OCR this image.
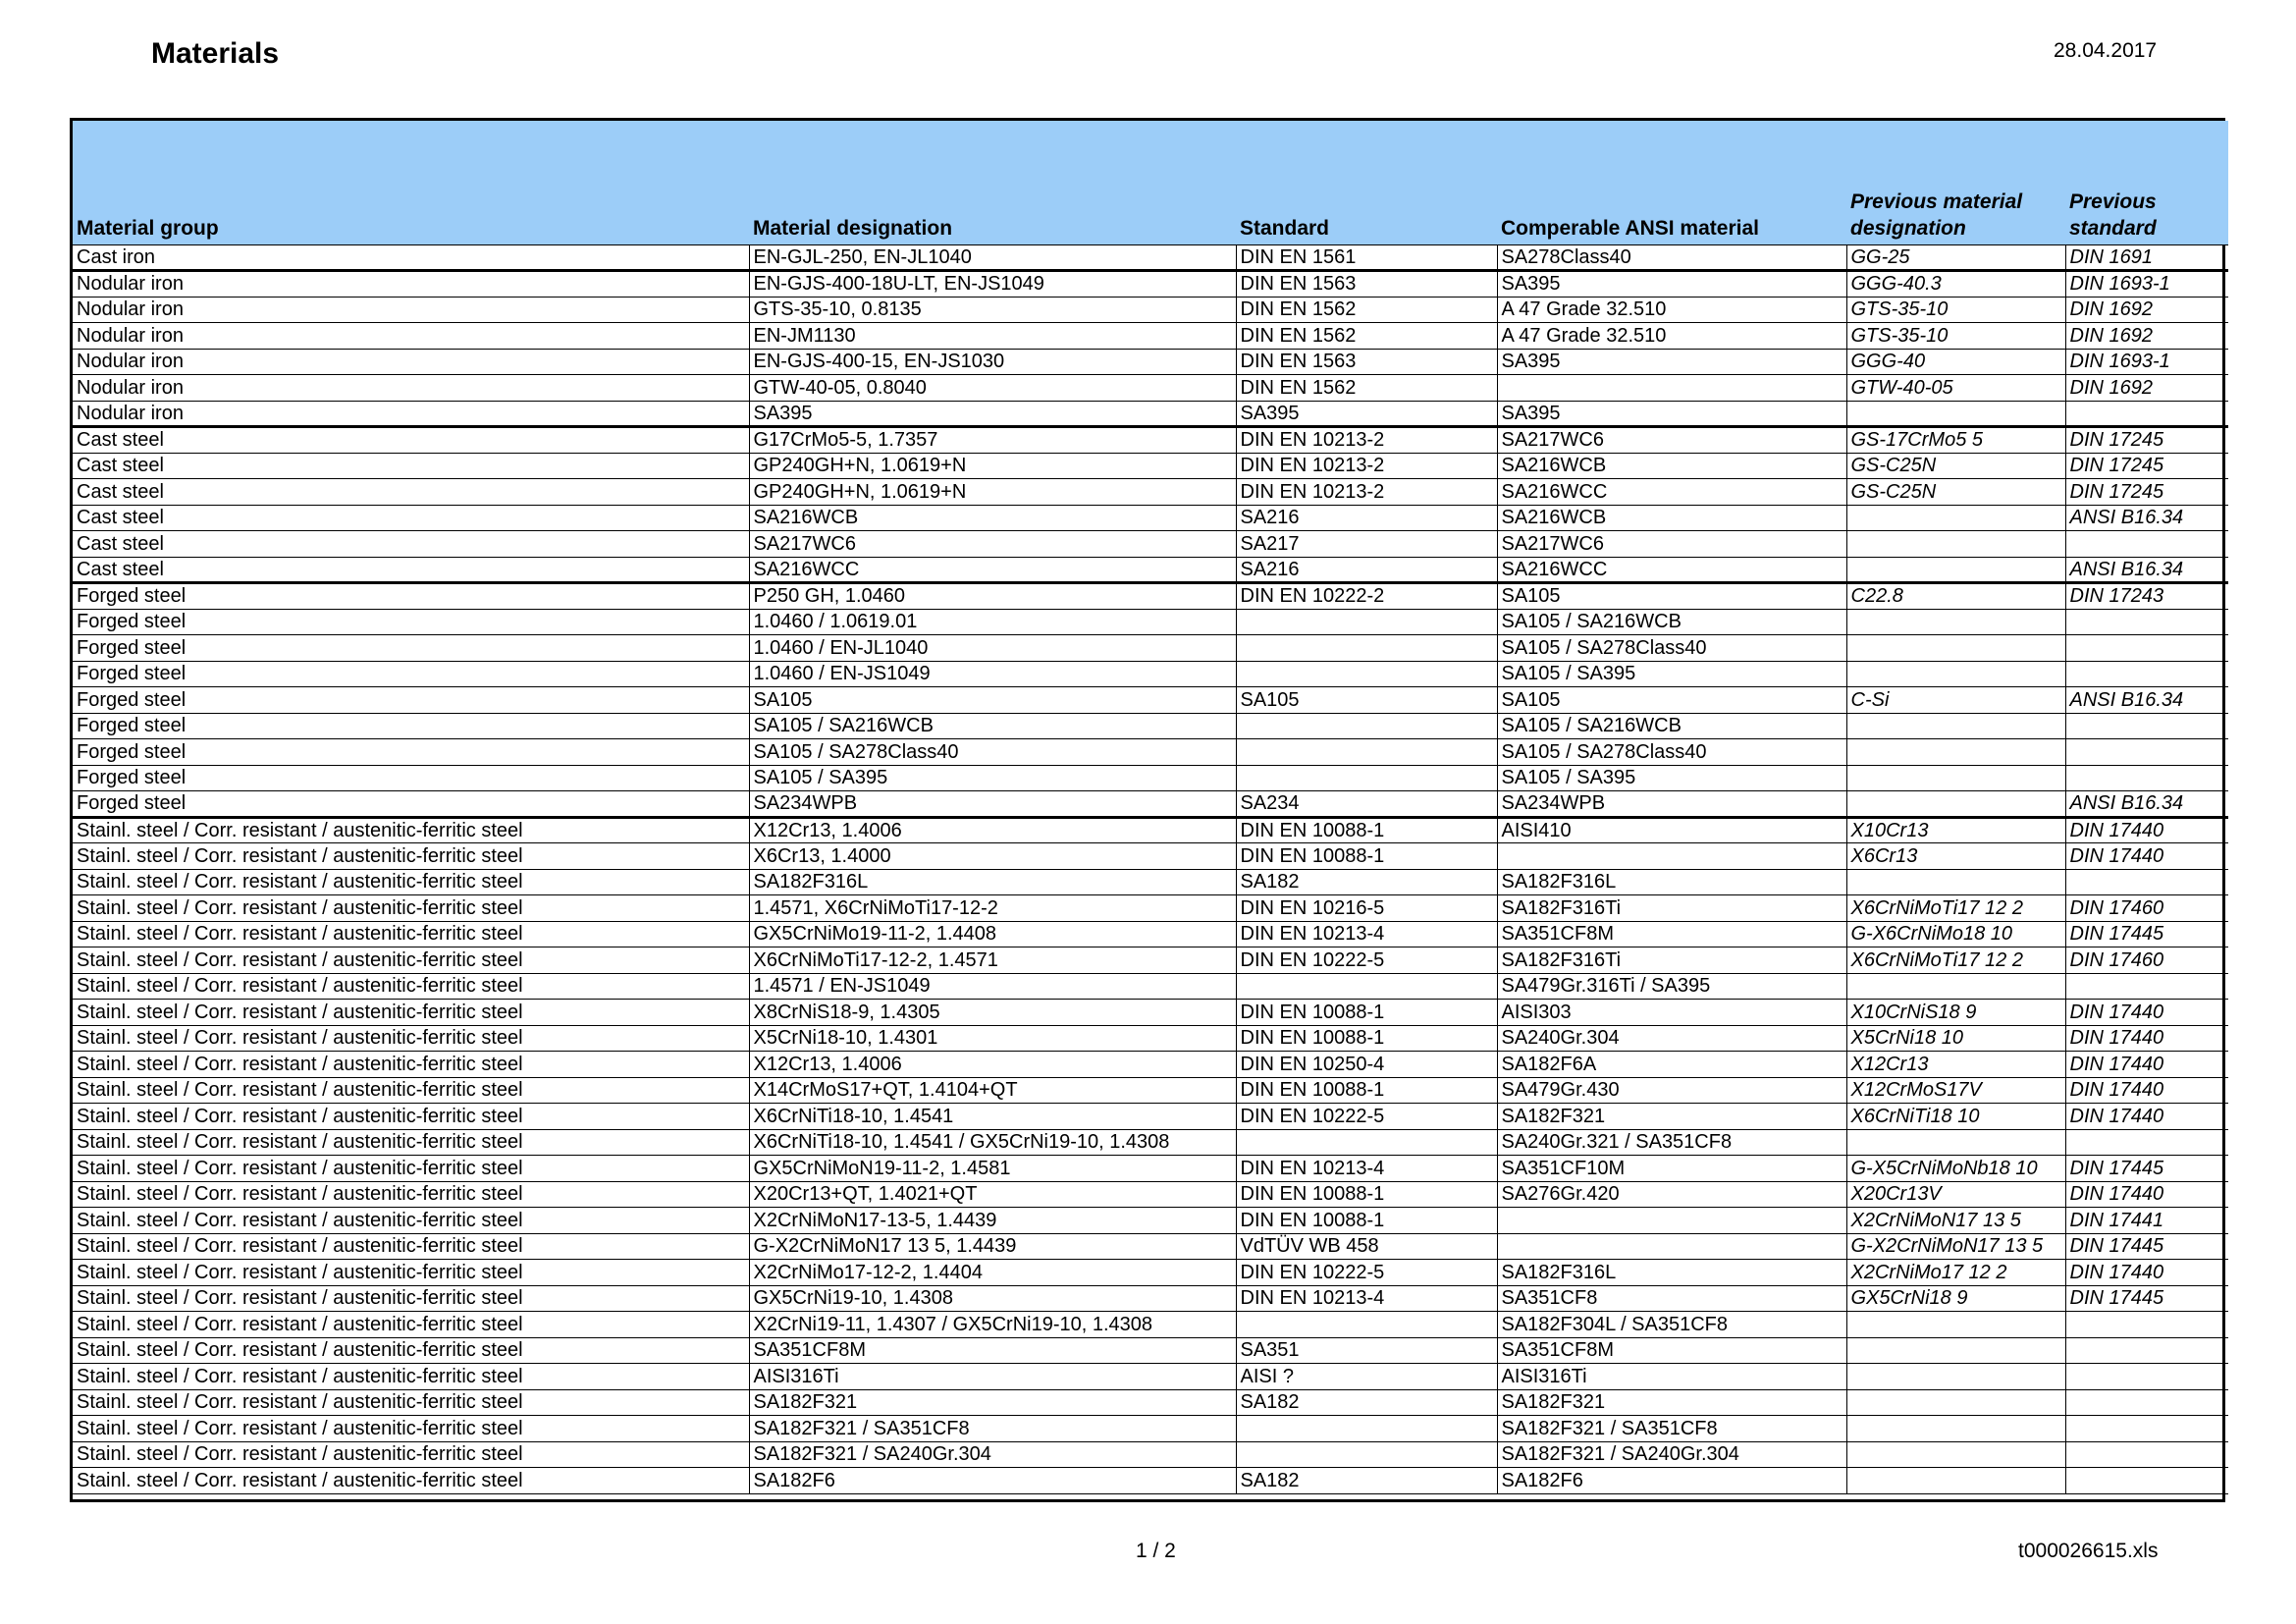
Materials	28.04.2017
Material group	Material designation	Standard	Comperable ANSI material	Previous material designation	Previous standard
Cast iron	EN-GJL-250, EN-JL1040	DIN EN 1561	SA278Class40	GG-25	DIN 1691
Nodular iron	EN-GJS-400-18U-LT, EN-JS1049	DIN EN 1563	SA395	GGG-40.3	DIN 1693-1
Nodular iron	GTS-35-10, 0.8135	DIN EN 1562	A 47 Grade 32.510	GTS-35-10	DIN 1692
Nodular iron	EN-JM1130	DIN EN 1562	A 47 Grade 32.510	GTS-35-10	DIN 1692
Nodular iron	EN-GJS-400-15, EN-JS1030	DIN EN 1563	SA395	GGG-40	DIN 1693-1
Nodular iron	GTW-40-05, 0.8040	DIN EN 1562		GTW-40-05	DIN 1692
Nodular iron	SA395	SA395	SA395		
Cast steel	G17CrMo5-5, 1.7357	DIN EN 10213-2	SA217WC6	GS-17CrMo5 5	DIN 17245
Cast steel	GP240GH+N, 1.0619+N	DIN EN 10213-2	SA216WCB	GS-C25N	DIN 17245
Cast steel	GP240GH+N, 1.0619+N	DIN EN 10213-2	SA216WCC	GS-C25N	DIN 17245
Cast steel	SA216WCB	SA216	SA216WCB		ANSI B16.34
Cast steel	SA217WC6	SA217	SA217WC6		
Cast steel	SA216WCC	SA216	SA216WCC		ANSI B16.34
Forged steel	P250 GH, 1.0460	DIN EN 10222-2	SA105	C22.8	DIN 17243
Forged steel	1.0460 / 1.0619.01		SA105 / SA216WCB		
Forged steel	1.0460 / EN-JL1040		SA105 / SA278Class40		
Forged steel	1.0460 / EN-JS1049		SA105 / SA395		
Forged steel	SA105	SA105	SA105	C-Si	ANSI B16.34
Forged steel	SA105 / SA216WCB		SA105 / SA216WCB		
Forged steel	SA105 / SA278Class40		SA105 / SA278Class40		
Forged steel	SA105 / SA395		SA105 / SA395		
Forged steel	SA234WPB	SA234	SA234WPB		ANSI B16.34
Stainl. steel / Corr. resistant / austenitic-ferritic steel	X12Cr13, 1.4006	DIN EN 10088-1	AISI410	X10Cr13	DIN 17440
Stainl. steel / Corr. resistant / austenitic-ferritic steel	X6Cr13, 1.4000	DIN EN 10088-1		X6Cr13	DIN 17440
Stainl. steel / Corr. resistant / austenitic-ferritic steel	SA182F316L	SA182	SA182F316L		
Stainl. steel / Corr. resistant / austenitic-ferritic steel	1.4571, X6CrNiMoTi17-12-2	DIN EN 10216-5	SA182F316Ti	X6CrNiMoTi17 12 2	DIN 17460
Stainl. steel / Corr. resistant / austenitic-ferritic steel	GX5CrNiMo19-11-2, 1.4408	DIN EN 10213-4	SA351CF8M	G-X6CrNiMo18 10	DIN 17445
Stainl. steel / Corr. resistant / austenitic-ferritic steel	X6CrNiMoTi17-12-2, 1.4571	DIN EN 10222-5	SA182F316Ti	X6CrNiMoTi17 12 2	DIN 17460
Stainl. steel / Corr. resistant / austenitic-ferritic steel	1.4571 / EN-JS1049		SA479Gr.316Ti / SA395		
Stainl. steel / Corr. resistant / austenitic-ferritic steel	X8CrNiS18-9, 1.4305	DIN EN 10088-1	AISI303	X10CrNiS18 9	DIN 17440
Stainl. steel / Corr. resistant / austenitic-ferritic steel	X5CrNi18-10, 1.4301	DIN EN 10088-1	SA240Gr.304	X5CrNi18 10	DIN 17440
Stainl. steel / Corr. resistant / austenitic-ferritic steel	X12Cr13, 1.4006	DIN EN 10250-4	SA182F6A	X12Cr13	DIN 17440
Stainl. steel / Corr. resistant / austenitic-ferritic steel	X14CrMoS17+QT, 1.4104+QT	DIN EN 10088-1	SA479Gr.430	X12CrMoS17V	DIN 17440
Stainl. steel / Corr. resistant / austenitic-ferritic steel	X6CrNiTi18-10, 1.4541	DIN EN 10222-5	SA182F321	X6CrNiTi18 10	DIN 17440
Stainl. steel / Corr. resistant / austenitic-ferritic steel	X6CrNiTi18-10, 1.4541 / GX5CrNi19-10, 1.4308		SA240Gr.321 / SA351CF8		
Stainl. steel / Corr. resistant / austenitic-ferritic steel	GX5CrNiMoN19-11-2, 1.4581	DIN EN 10213-4	SA351CF10M	G-X5CrNiMoNb18 10	DIN 17445
Stainl. steel / Corr. resistant / austenitic-ferritic steel	X20Cr13+QT, 1.4021+QT	DIN EN 10088-1	SA276Gr.420	X20Cr13V	DIN 17440
Stainl. steel / Corr. resistant / austenitic-ferritic steel	X2CrNiMoN17-13-5, 1.4439	DIN EN 10088-1		X2CrNiMoN17 13 5	DIN 17441
Stainl. steel / Corr. resistant / austenitic-ferritic steel	G-X2CrNiMoN17 13 5, 1.4439	VdTÜV WB 458		G-X2CrNiMoN17 13 5	DIN 17445
Stainl. steel / Corr. resistant / austenitic-ferritic steel	X2CrNiMo17-12-2, 1.4404	DIN EN 10222-5	SA182F316L	X2CrNiMo17 12 2	DIN 17440
Stainl. steel / Corr. resistant / austenitic-ferritic steel	GX5CrNi19-10, 1.4308	DIN EN 10213-4	SA351CF8	GX5CrNi18 9	DIN 17445
Stainl. steel / Corr. resistant / austenitic-ferritic steel	X2CrNi19-11, 1.4307 / GX5CrNi19-10, 1.4308		SA182F304L / SA351CF8		
Stainl. steel / Corr. resistant / austenitic-ferritic steel	SA351CF8M	SA351	SA351CF8M		
Stainl. steel / Corr. resistant / austenitic-ferritic steel	AISI316Ti	AISI ?	AISI316Ti		
Stainl. steel / Corr. resistant / austenitic-ferritic steel	SA182F321	SA182	SA182F321		
Stainl. steel / Corr. resistant / austenitic-ferritic steel	SA182F321 / SA351CF8		SA182F321 / SA351CF8		
Stainl. steel / Corr. resistant / austenitic-ferritic steel	SA182F321 / SA240Gr.304		SA182F321 / SA240Gr.304		
Stainl. steel / Corr. resistant / austenitic-ferritic steel	SA182F6	SA182	SA182F6		
1 / 2	t000026615.xls
